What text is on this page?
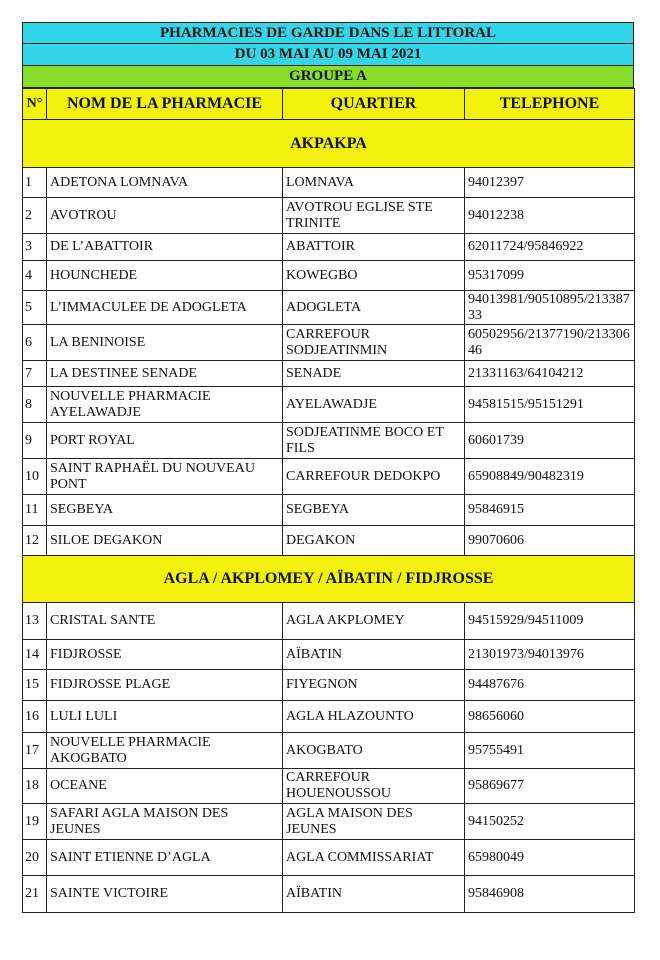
PHARMACIES DE GARDE DANS LE LITTORAL
DU 03 MAI AU 09 MAI 2021
GROUPE A
N°	NOM DE LA PHARMACIE	QUARTIER	TELEPHONE
AKPAKPA			
1	ADETONA LOMNAVA	LOMNAVA	94012397
2	AVOTROU	AVOTROU EGLISE STE TRINITE	94012238
3	DE L’ABATTOIR	ABATTOIR	62011724/95846922
4	HOUNCHEDE	KOWEGBO	95317099
5	L’IMMACULEE DE ADOGLETA	ADOGLETA	94013981/90510895/21338733
6	LA BENINOISE	CARREFOUR SODJEATINMIN	60502956/21377190/21330646
7	LA DESTINEE SENADE	SENADE	21331163/64104212
8	NOUVELLE PHARMACIE AYELAWADJE	AYELAWADJE	94581515/95151291
9	PORT ROYAL	SODJEATINME BOCO ET FILS	60601739
10	SAINT RAPHAËL DU NOUVEAU PONT	CARREFOUR DEDOKPO	65908849/90482319
11	SEGBEYA	SEGBEYA	95846915
12	SILOE DEGAKON	DEGAKON	99070606
AGLA / AKPLOMEY / AÏBATIN / FIDJROSSE			
13	CRISTAL SANTE	AGLA AKPLOMEY	94515929/94511009
14	FIDJROSSE	AÏBATIN	21301973/94013976
15	FIDJROSSE PLAGE	FIYEGNON	94487676
16	LULI LULI	AGLA HLAZOUNTO	98656060
17	NOUVELLE PHARMACIE AKOGBATO	AKOGBATO	95755491
18	OCEANE	CARREFOUR HOUENOUSSOU	95869677
19	SAFARI AGLA MAISON DES JEUNES	AGLA MAISON DES JEUNES	94150252
20	SAINT ETIENNE D’AGLA	AGLA COMMISSARIAT	65980049
21	SAINTE VICTOIRE	AÏBATIN	95846908
